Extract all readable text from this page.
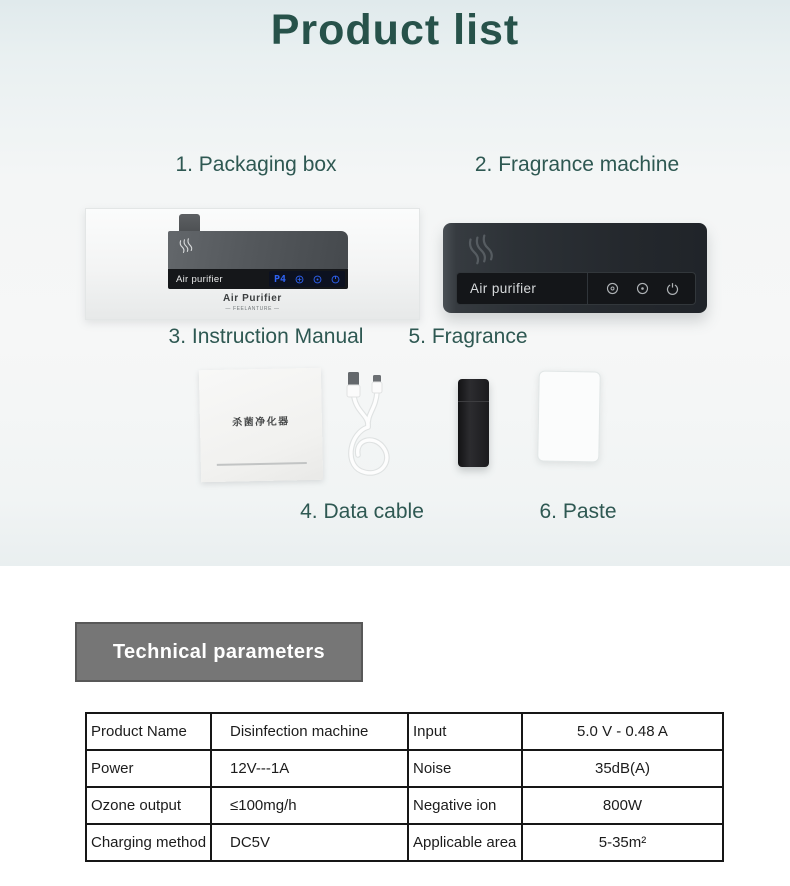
Product list
1. Packaging box	2. Fragrance machine
Air purifier	P4
Air Purifier
— FEELANTURE —
Air purifier
3. Instruction Manual 5. Fragrance
杀菌净化器
4. Data cable	6. Paste
Technical parameters
Product Name	Disinfection machine	Input	5.0 V - 0.48 A
Power	12V---1A	Noise	35dB(A)
Ozone output	≤100mg/h	Negative ion	800W
Charging method	DC5V	Applicable area	5-35m²
